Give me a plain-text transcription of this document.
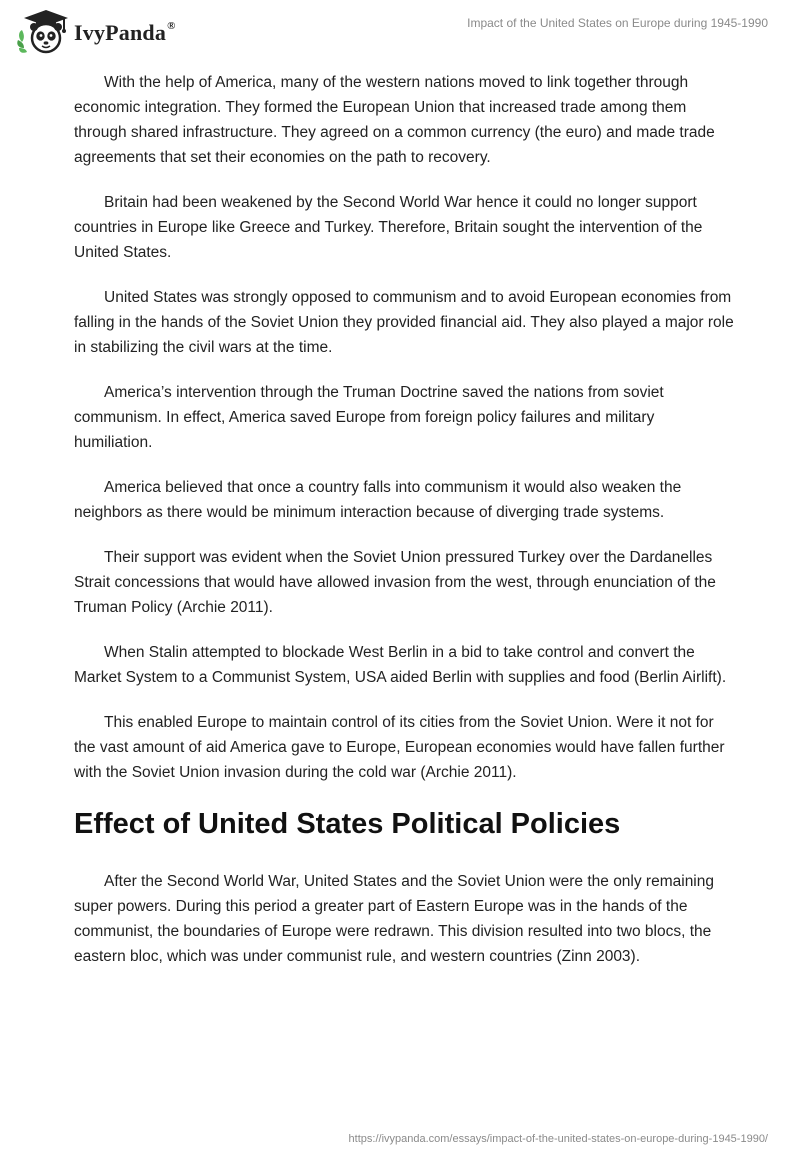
IvyPanda®	Impact of the United States on Europe during 1945-1990

With the help of America, many of the western nations moved to link together through economic integration. They formed the European Union that increased trade among them through shared infrastructure. They agreed on a common currency (the euro) and made trade agreements that set their economies on the path to recovery.

Britain had been weakened by the Second World War hence it could no longer support countries in Europe like Greece and Turkey. Therefore, Britain sought the intervention of the United States.

United States was strongly opposed to communism and to avoid European economies from falling in the hands of the Soviet Union they provided financial aid. They also played a major role in stabilizing the civil wars at the time.

America’s intervention through the Truman Doctrine saved the nations from soviet communism. In effect, America saved Europe from foreign policy failures and military humiliation.

America believed that once a country falls into communism it would also weaken the neighbors as there would be minimum interaction because of diverging trade systems.

Their support was evident when the Soviet Union pressured Turkey over the Dardanelles Strait concessions that would have allowed invasion from the west, through enunciation of the Truman Policy (Archie 2011).

When Stalin attempted to blockade West Berlin in a bid to take control and convert the Market System to a Communist System, USA aided Berlin with supplies and food (Berlin Airlift).

This enabled Europe to maintain control of its cities from the Soviet Union. Were it not for the vast amount of aid America gave to Europe, European economies would have fallen further with the Soviet Union invasion during the cold war (Archie 2011).

Effect of United States Political Policies

After the Second World War, United States and the Soviet Union were the only remaining super powers. During this period a greater part of Eastern Europe was in the hands of the communist, the boundaries of Europe were redrawn. This division resulted into two blocs, the eastern bloc, which was under communist rule, and western countries (Zinn 2003).

https://ivypanda.com/essays/impact-of-the-united-states-on-europe-during-1945-1990/
